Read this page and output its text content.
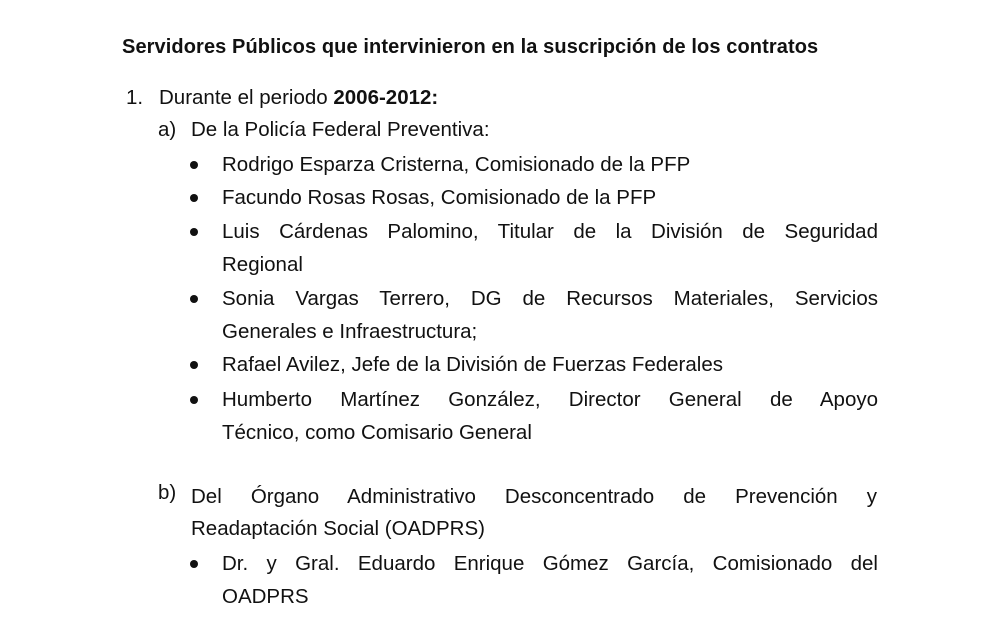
Servidores Públicos que intervinieron en la suscripción de los contratos
1. Durante el periodo 2006-2012:
a) De la Policía Federal Preventiva:
Rodrigo Esparza Cristerna, Comisionado de la PFP
Facundo Rosas Rosas, Comisionado de la PFP
Luis Cárdenas Palomino, Titular de la División de Seguridad
Regional
Sonia Vargas Terrero, DG de Recursos Materiales, Servicios
Generales e Infraestructura;
Rafael Avilez, Jefe de la División de Fuerzas Federales
Humberto Martínez González, Director General de Apoyo
Técnico, como Comisario General
b) Del Órgano Administrativo Desconcentrado de Prevención y
Readaptación Social (OADPRS)
Dr. y Gral. Eduardo Enrique Gómez García, Comisionado del
OADPRS
